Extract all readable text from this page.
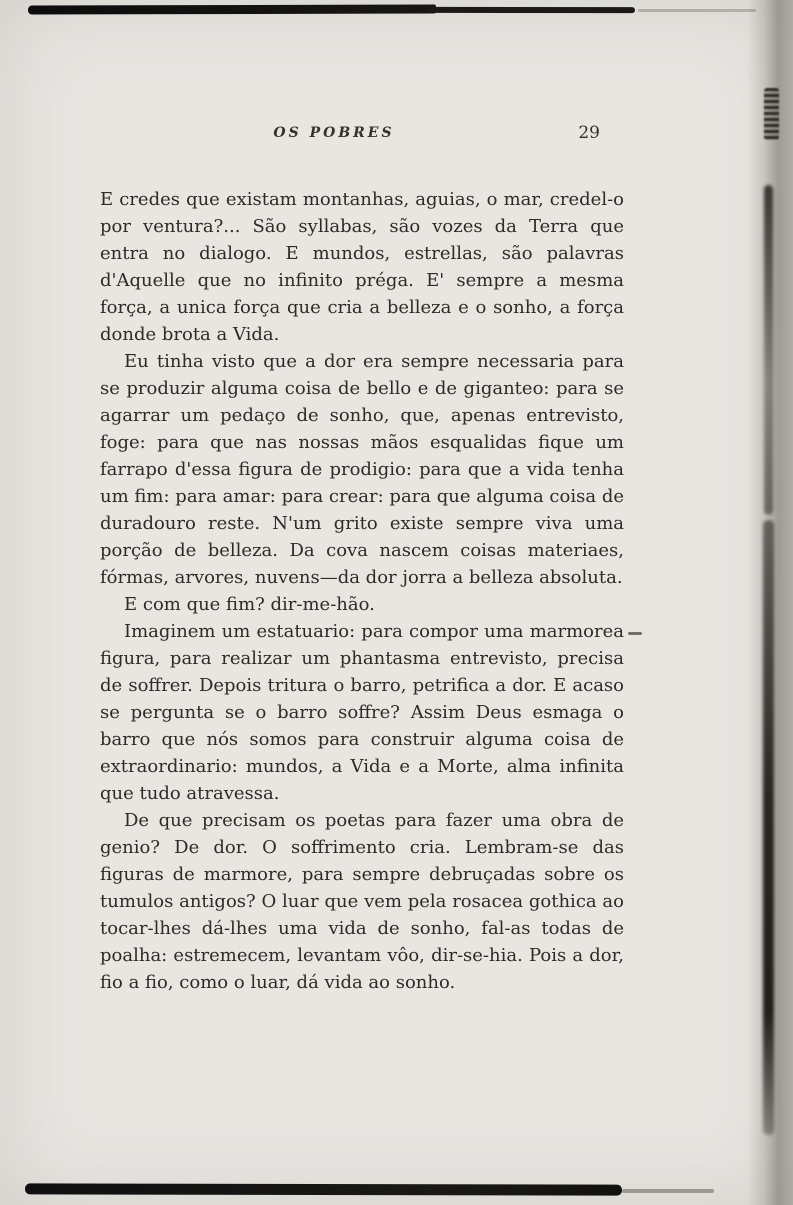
OS POBRES	29

E credes que existam montanhas, aguias, o mar, credel-o por ventura?... São syllabas, são vozes da Terra que entra no dialogo. E mundos, estrellas, são palavras d'Aquelle que no infinito préga. E' sempre a mesma força, a unica força que cria a belleza e o sonho, a força donde brota a Vida.

Eu tinha visto que a dor era sempre necessaria para se produzir alguma coisa de bello e de giganteo: para se agarrar um pedaço de sonho, que, apenas entrevisto, foge: para que nas nossas mãos esqualidas fique um farrapo d'essa figura de prodigio: para que a vida tenha um fim: para amar: para crear: para que alguma coisa de duradouro reste. N'um grito existe sempre viva uma porção de belleza. Da cova nascem coisas materiaes, fórmas, arvores, nuvens—da dor jorra a belleza absoluta.

E com que fim? dir-me-hão.

Imaginem um estatuario: para compor uma marmorea figura, para realizar um phantasma entrevisto, precisa de soffrer. Depois tritura o barro, petrifica a dor. E acaso se pergunta se o barro soffre? Assim Deus esmaga o barro que nós somos para construir alguma coisa de extraordinario: mundos, a Vida e a Morte, alma infinita que tudo atravessa.

De que precisam os poetas para fazer uma obra de genio? De dor. O soffrimento cria. Lembram-se das figuras de marmore, para sempre debruçadas sobre os tumulos antigos? O luar que vem pela rosacea gothica ao tocar-lhes dá-lhes uma vida de sonho, fal-as todas de poalha: estremecem, levantam vôo, dir-se-hia. Pois a dor, fio a fio, como o luar, dá vida ao sonho.
